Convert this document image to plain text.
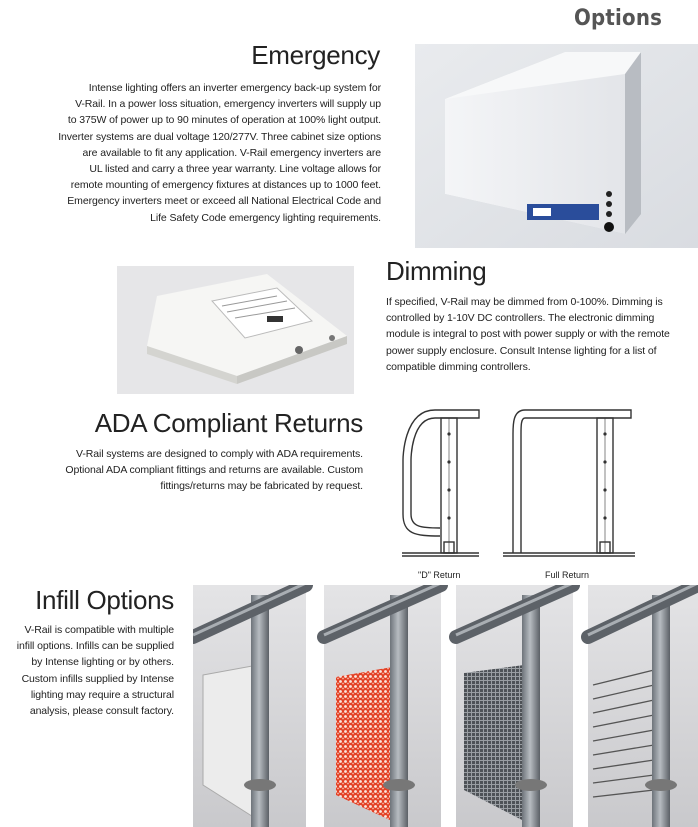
Options
Emergency
Intense lighting offers an inverter emergency back-up system for
V-Rail. In a power loss situation, emergency inverters will supply up
to 375W of power up to 90 minutes of operation at 100% light output.
Inverter systems are dual voltage 120/277V. Three cabinet size options
are available to fit any application. V-Rail emergency inverters are
UL listed and carry a three year warranty. Line voltage allows for
remote mounting of emergency fixtures at distances up to 1000 feet.
Emergency inverters meet or exceed all National Electrical Code and
Life Safety Code emergency lighting requirements.
Dimming
If specified, V-Rail may be dimmed from 0-100%. Dimming is
controlled by 1-10V DC controllers. The electronic dimming
module is integral to post with power supply or with the remote
power supply enclosure. Consult Intense lighting for a list of
compatible dimming controllers.
ADA Compliant Returns
V-Rail systems are designed to comply with ADA requirements.
Optional ADA compliant fittings and returns are available. Custom
fittings/returns may be fabricated by request.
"D" Return	Full Return
Infill Options
V-Rail is compatible with multiple
infill options. Infills can be supplied
by Intense lighting or by others.
Custom infills supplied by Intense
lighting may require a structural
analysis, please consult factory.
